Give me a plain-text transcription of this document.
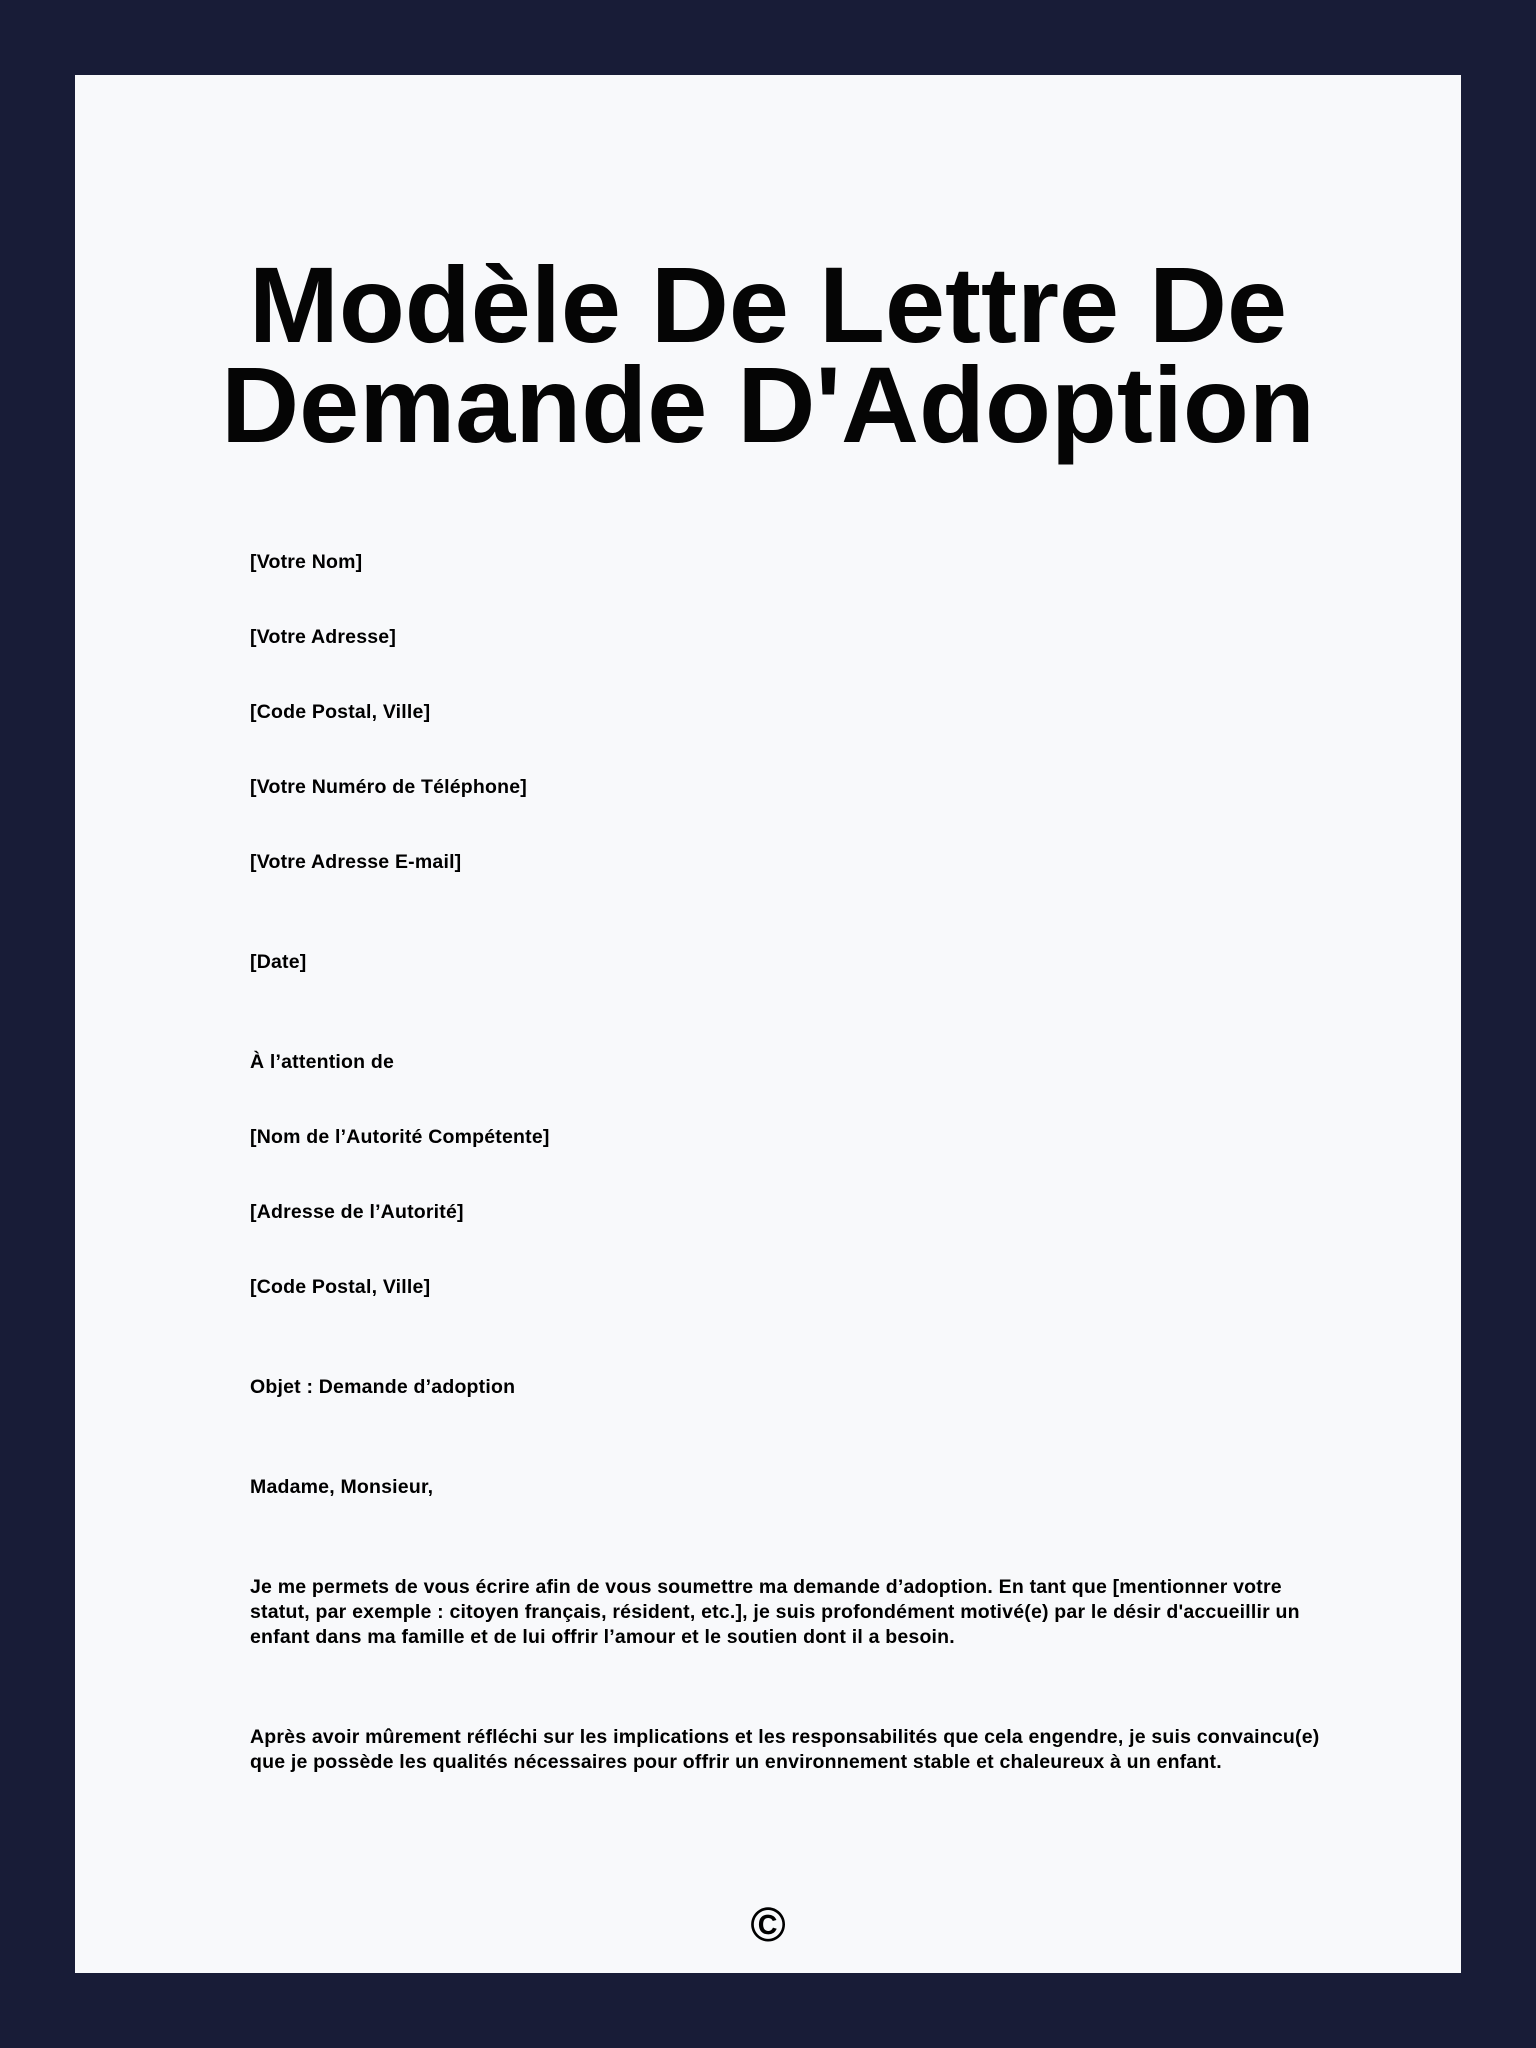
Modèle De Lettre De
Demande D'Adoption

[Votre Nom]

[Votre Adresse]

[Code Postal, Ville]

[Votre Numéro de Téléphone]

[Votre Adresse E-mail]

[Date]

À l’attention de

[Nom de l’Autorité Compétente]

[Adresse de l’Autorité]

[Code Postal, Ville]

Objet : Demande d’adoption

Madame, Monsieur,

Je me permets de vous écrire afin de vous soumettre ma demande d’adoption. En tant que [mentionner votre statut, par exemple : citoyen français, résident, etc.], je suis profondément motivé(e) par le désir d'accueillir un enfant dans ma famille et de lui offrir l’amour et le soutien dont il a besoin.

Après avoir mûrement réfléchi sur les implications et les responsabilités que cela engendre, je suis convaincu(e) que je possède les qualités nécessaires pour offrir un environnement stable et chaleureux à un enfant.

©
